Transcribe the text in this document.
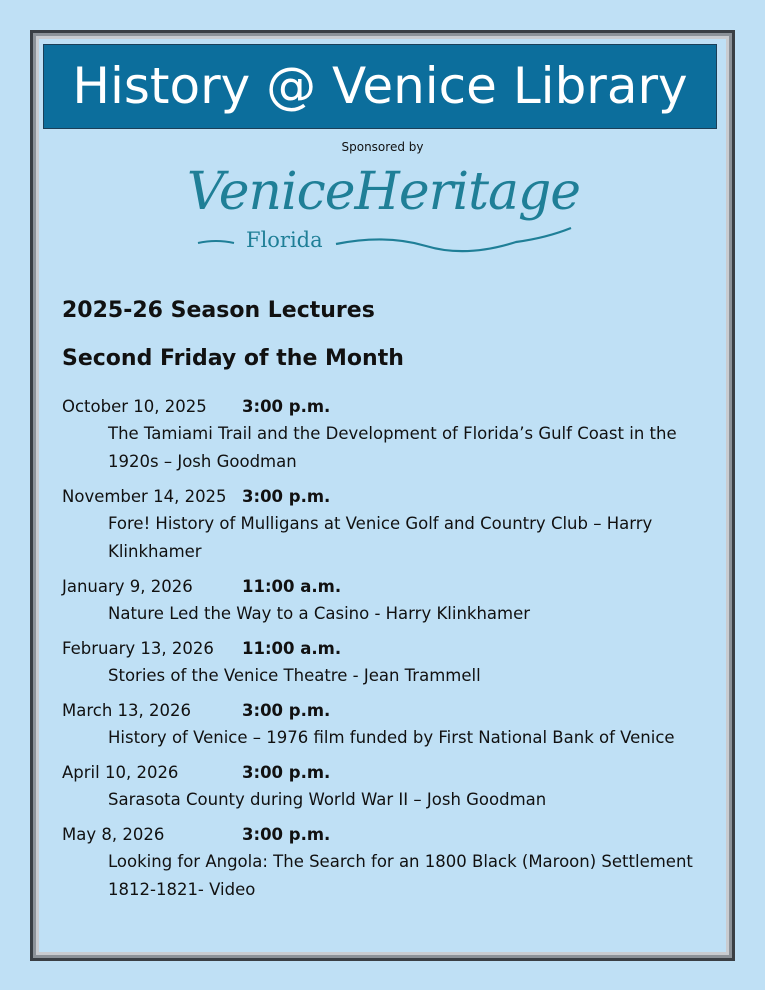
History @ Venice Library
Sponsored by
VeniceHeritage
Florida
2025-26 Season Lectures
Second Friday of the Month
October 10, 2025	3:00 p.m.
The Tamiami Trail and the Development of Florida’s Gulf Coast in the
1920s – Josh Goodman
November 14, 2025 3:00 p.m.
Fore! History of Mulligans at Venice Golf and Country Club – Harry
Klinkhamer
January 9, 2026	11:00 a.m.
Nature Led the Way to a Casino - Harry Klinkhamer
February 13, 2026	11:00 a.m.
Stories of the Venice Theatre - Jean Trammell
March 13, 2026	3:00 p.m.
History of Venice – 1976 film funded by First National Bank of Venice
April 10, 2026	3:00 p.m.
Sarasota County during World War II – Josh Goodman
May 8, 2026	3:00 p.m.
Looking for Angola: The Search for an 1800 Black (Maroon) Settlement
1812-1821- Video
